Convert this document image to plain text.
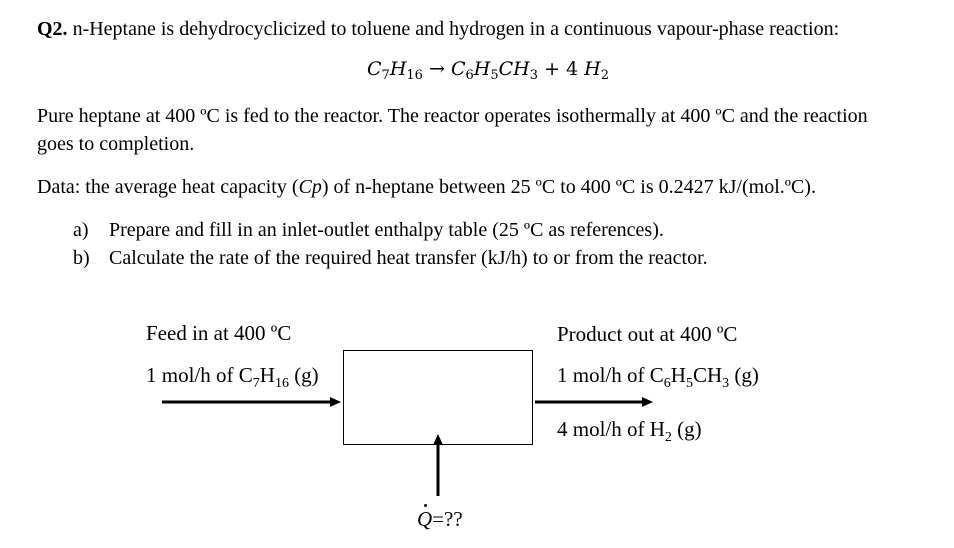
Q2. n-Heptane is dehydrocyclicized to toluene and hydrogen in a continuous vapour-phase reaction:
$C_7H_{16} \to C_6H_5CH_3 + 4$ $H_2$
Pure heptane at 400 ºC is fed to the reactor. The reactor operates isothermally at 400 ºC and the reaction
goes to completion.
Data: the average heat capacity (Cp) of n-heptane between 25 ºC to 400 ºC is 0.2427 kJ/(mol.ºC).
a) Prepare and fill in an inlet-outlet enthalpy table (25 ºC as references).
b) Calculate the rate of the required heat transfer (kJ/h) to or from the reactor.
Feed in at 400 ºC
1 mol/h of $C_7H_{16}$ (g)
Product out at 400 ºC
1 mol/h of $C_6H_5CH_3$ (g)
4 mol/h of $H_2$ (g)
Q=??
